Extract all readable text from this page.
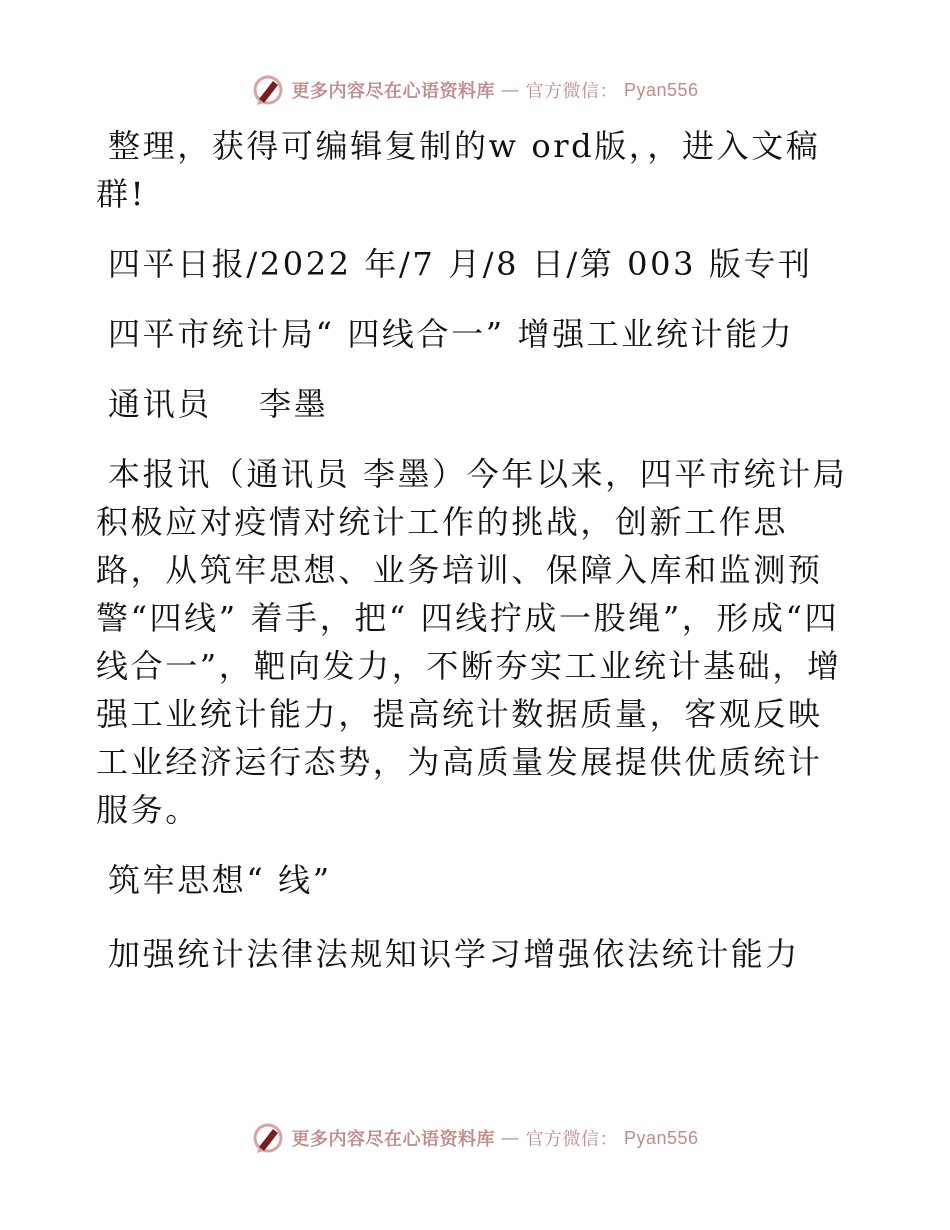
更多内容尽在心语资料库 — 官方微信： Pyan556

整理，获得可编辑复制的w ord版，，进入文稿

群!

四平日报/2022 年/7 月/8 日/第 003 版专刊

四平市统计局“ 四线合一” 增强工业统计能力

通讯员　 李墨

本报讯（通讯员 李墨）今年以来，四平市统计局积极应对疫情对统计工作的挑战，创新工作思路，从筑牢思想、业务培训、保障入库和监测预警“四线” 着手，把“ 四线拧成一股绳”，形成“四线合一”，靶向发力，不断夯实工业统计基础，增强工业统计能力，提高统计数据质量，客观反映工业经济运行态势，为高质量发展提供优质统计服务。

筑牢思想“ 线”

加强统计法律法规知识学习增强依法统计能力

更多内容尽在心语资料库 — 官方微信： Pyan556
